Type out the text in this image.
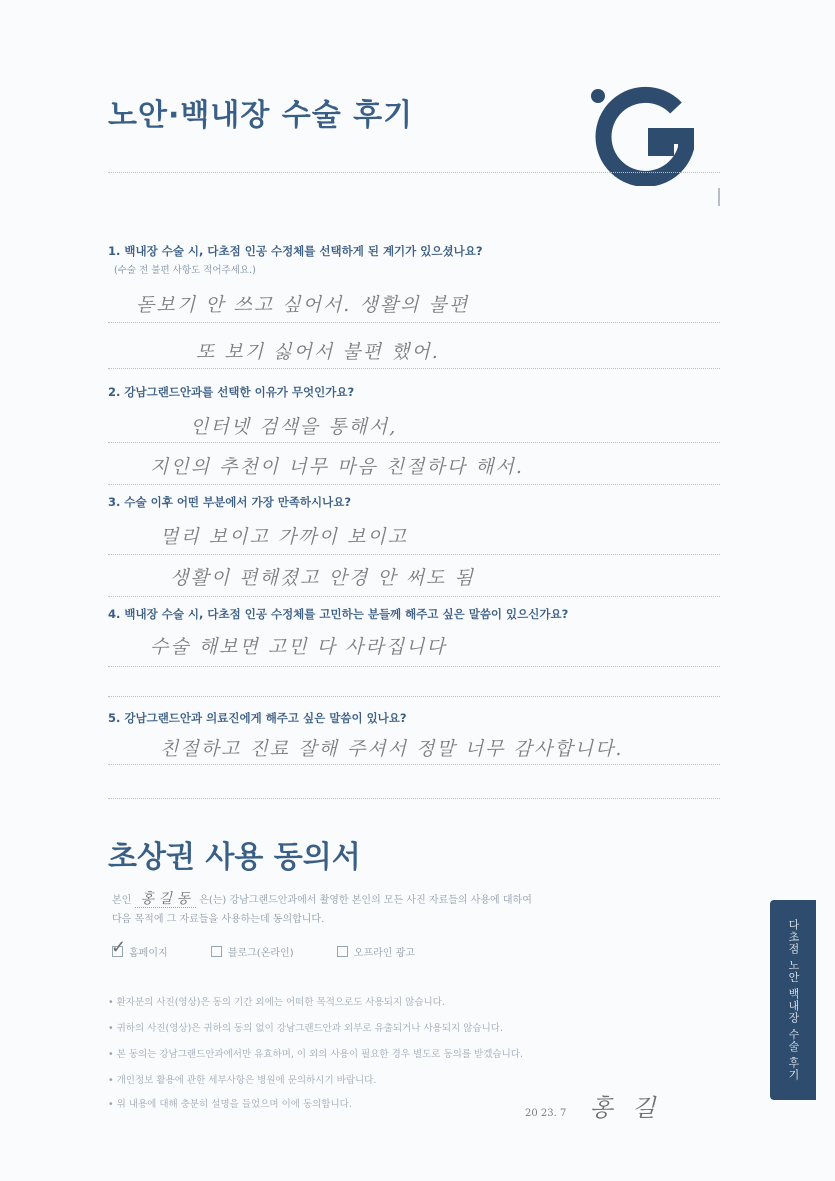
노안·백내장 수술 후기
1. 백내장 수술 시, 다초점 인공 수정체를 선택하게 된 계기가 있으셨나요?
(수술 전 불편 사항도 적어주세요.)
돋보기 안 쓰고 싶어서. 생활의 불편
또 보기 싫어서 불편 했어.
2. 강남그랜드안과를 선택한 이유가 무엇인가요?
인터넷 검색을 통해서,
지인의 추천이 너무 마음 친절하다 해서.
3. 수술 이후 어떤 부분에서 가장 만족하시나요?
멀리 보이고 가까이 보이고
생활이 편해졌고 안경 안 써도 됨
4. 백내장 수술 시, 다초점 인공 수정체를 고민하는 분들께 해주고 싶은 말씀이 있으신가요?
수술 해보면 고민 다 사라집니다
5. 강남그랜드안과 의료진에게 해주고 싶은 말씀이 있나요?
친절하고 진료 잘해 주셔서 정말 너무 감사합니다.
초상권 사용 동의서
본인 홍 길 동 은(는) 강남그랜드안과에서 촬영한 본인의 모든 사진 자료들의 사용에 대하여
다음 목적에 그 자료들을 사용하는데 동의합니다.
✓ 홈페이지	블로그(온라인)	오프라인 광고
• 환자분의 사진(영상)은 동의 기간 외에는 어떠한 목적으로도 사용되지 않습니다.
• 귀하의 사진(영상)은 귀하의 동의 없이 강남그랜드안과 외부로 유출되거나 사용되지 않습니다.
• 본 동의는 강남그랜드안과에서만 유효하며, 이 외의 사용이 필요한 경우 별도로 동의를 받겠습니다.
• 개인정보 활용에 관한 세부사항은 병원에 문의하시기 바랍니다.
• 위 내용에 대해 충분히 설명을 들었으며 이에 동의합니다.
20 23. 7 홍 길
다초점 노안 백내장 수술 후기
